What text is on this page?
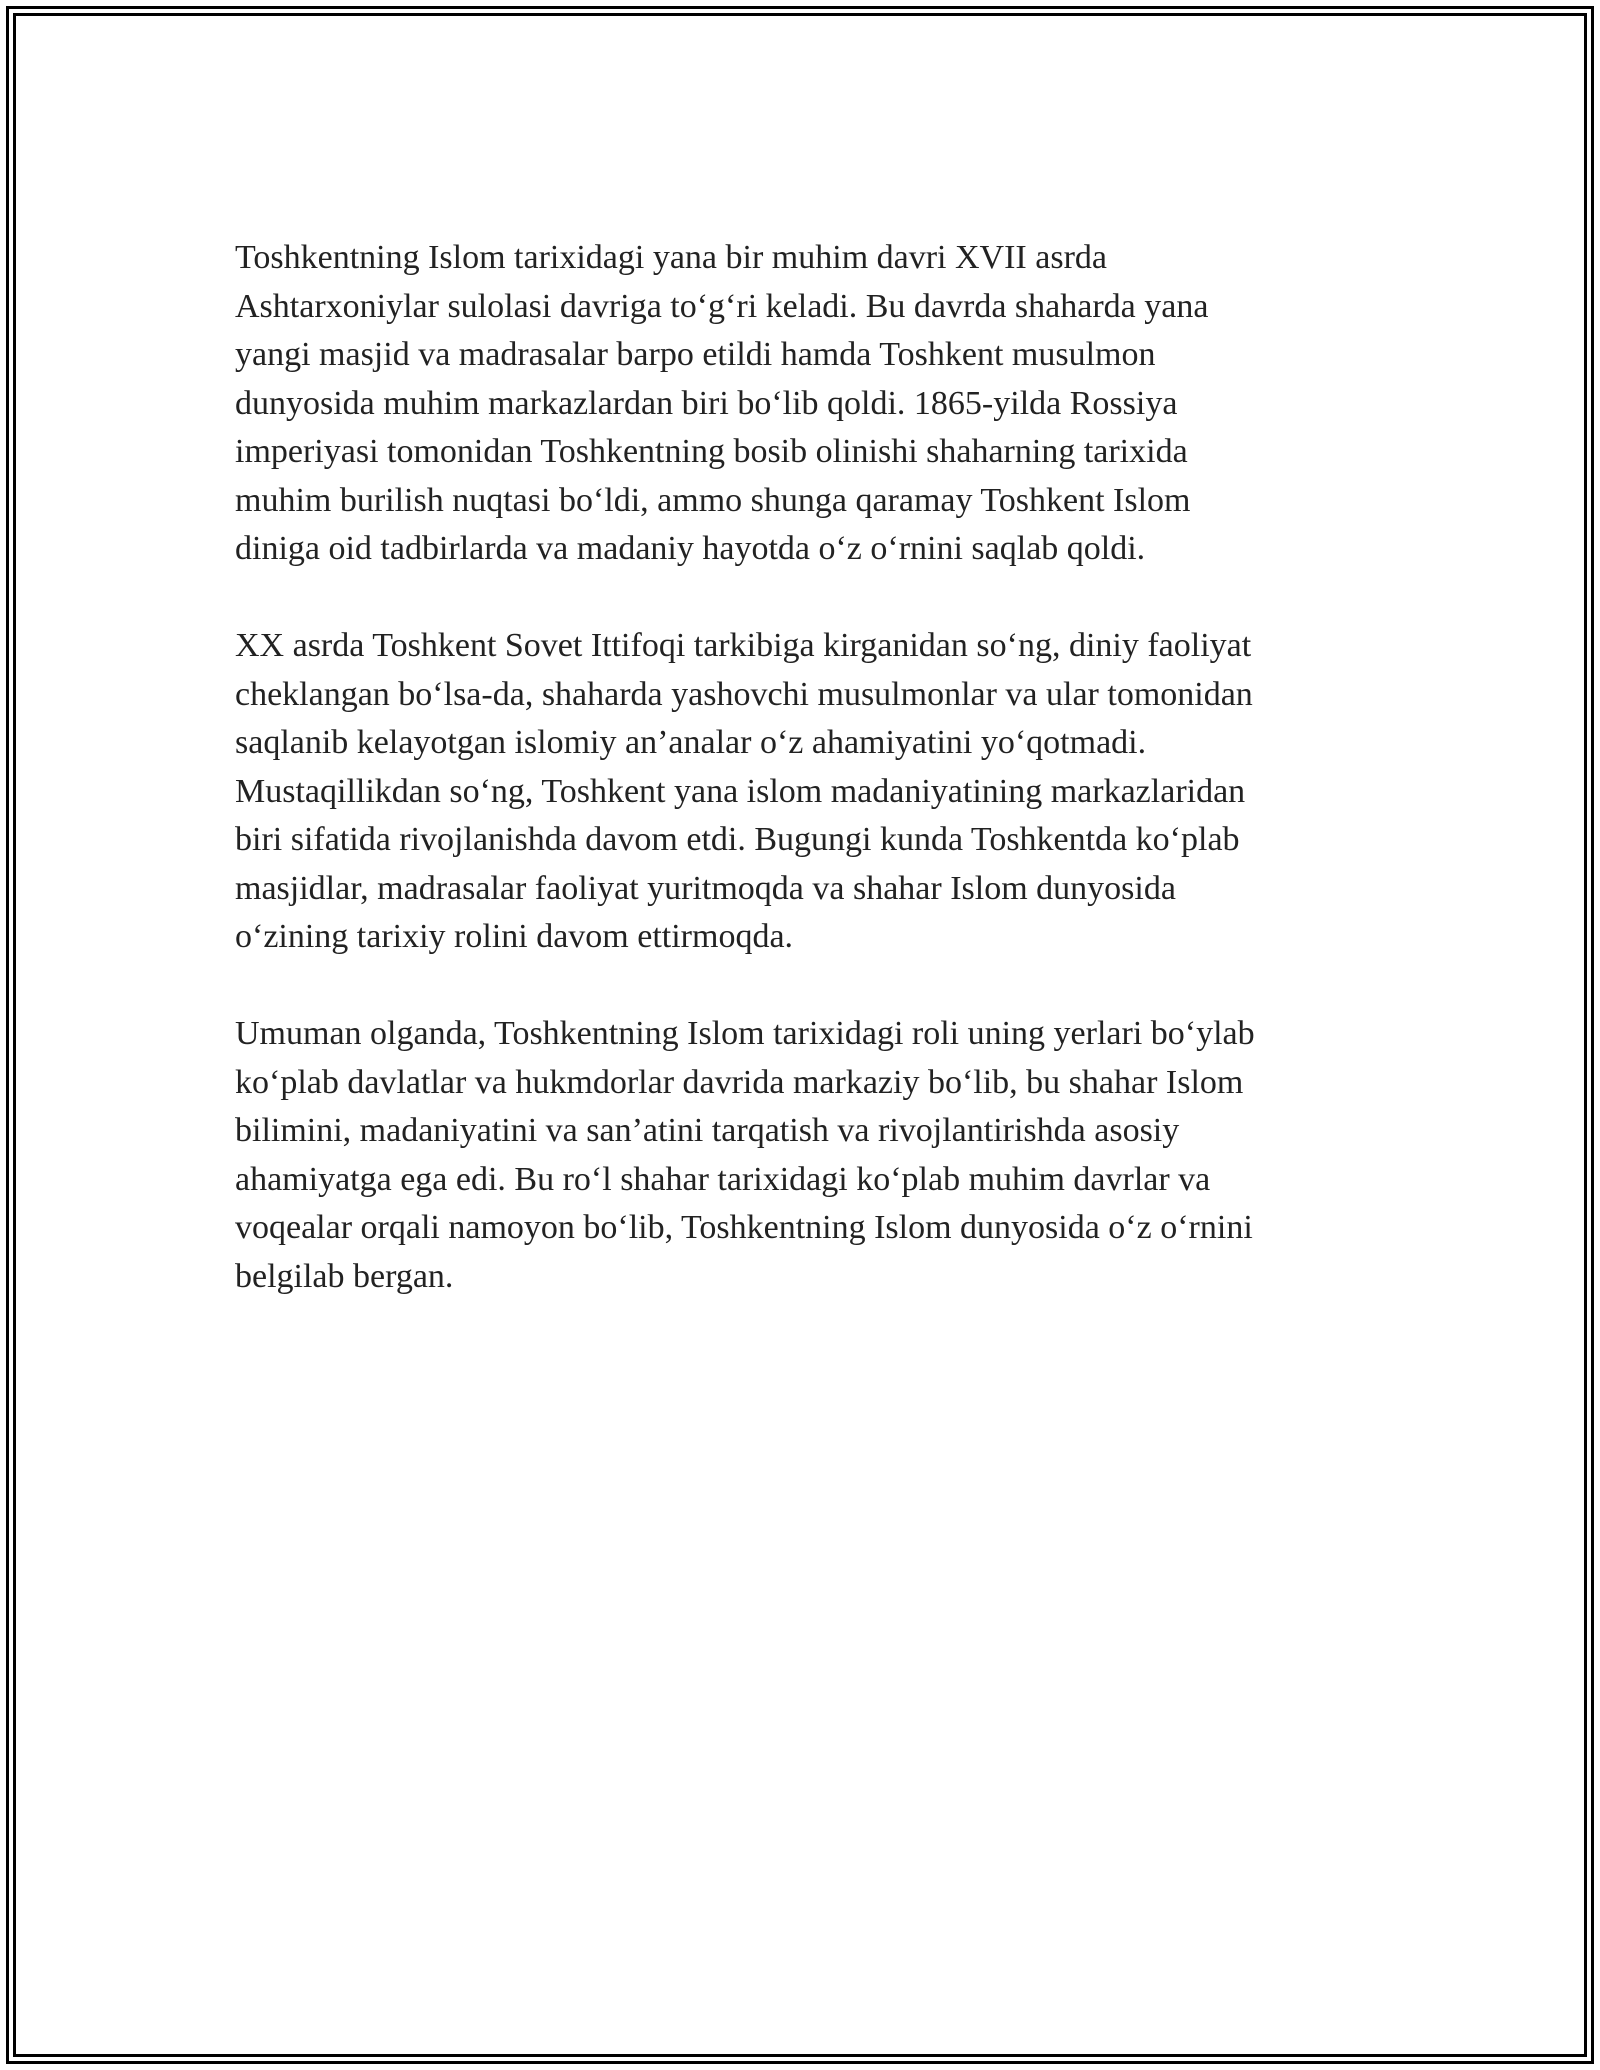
Toshkentning Islom tarixidagi yana bir muhim davri XVII asrda
Ashtarxoniylar sulolasi davriga to‘g‘ri keladi. Bu davrda shaharda yana
yangi masjid va madrasalar barpo etildi hamda Toshkent musulmon
dunyosida muhim markazlardan biri bo‘lib qoldi. 1865-yilda Rossiya
imperiyasi tomonidan Toshkentning bosib olinishi shaharning tarixida
muhim burilish nuqtasi bo‘ldi, ammo shunga qaramay Toshkent Islom
diniga oid tadbirlarda va madaniy hayotda o‘z o‘rnini saqlab qoldi.

XX asrda Toshkent Sovet Ittifoqi tarkibiga kirganidan so‘ng, diniy faoliyat
cheklangan bo‘lsa-da, shaharda yashovchi musulmonlar va ular tomonidan
saqlanib kelayotgan islomiy an’analar o‘z ahamiyatini yo‘qotmadi.
Mustaqillikdan so‘ng, Toshkent yana islom madaniyatining markazlaridan
biri sifatida rivojlanishda davom etdi. Bugungi kunda Toshkentda ko‘plab
masjidlar, madrasalar faoliyat yuritmoqda va shahar Islom dunyosida
o‘zining tarixiy rolini davom ettirmoqda.

Umuman olganda, Toshkentning Islom tarixidagi roli uning yerlari bo‘ylab
ko‘plab davlatlar va hukmdorlar davrida markaziy bo‘lib, bu shahar Islom
bilimini, madaniyatini va san’atini tarqatish va rivojlantirishda asosiy
ahamiyatga ega edi. Bu ro‘l shahar tarixidagi ko‘plab muhim davrlar va
voqealar orqali namoyon bo‘lib, Toshkentning Islom dunyosida o‘z o‘rnini
belgilab bergan.
